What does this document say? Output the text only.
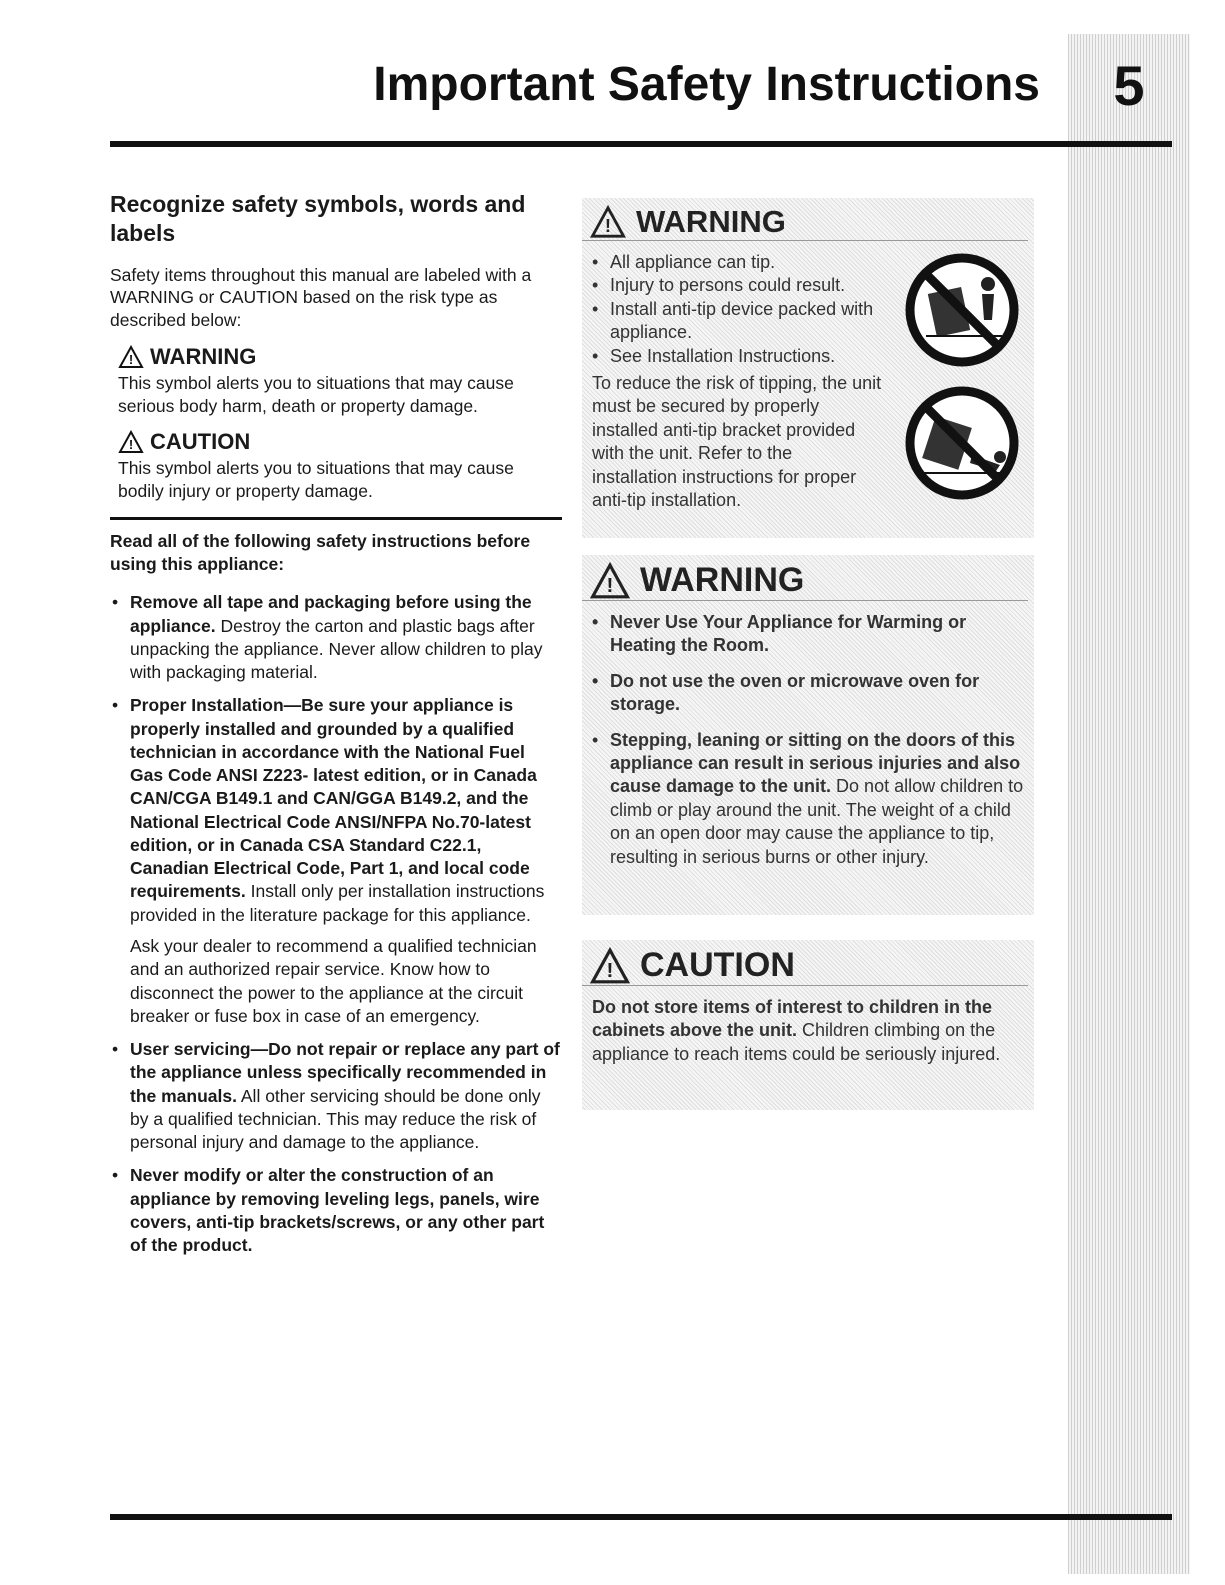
5
Important Safety Instructions
Recognize safety symbols, words and labels

Safety items throughout this manual are labeled with a WARNING or CAUTION based on the risk type as described below:

! WARNING

This symbol alerts you to situations that may cause serious body harm, death or property damage.

! CAUTION

This symbol alerts you to situations that may cause bodily injury or property damage.

Read all of the following safety instructions before using this appliance:

• Remove all tape and packaging before using the appliance. Destroy the carton and plastic bags after unpacking the appliance. Never allow children to play with packaging material.
• Proper Installation—Be sure your appliance is properly installed and grounded by a qualified technician in accordance with the National Fuel Gas Code ANSI Z223- latest edition, or in Canada CAN/CGA B149.1 and CAN/GGA B149.2, and the National Electrical Code ANSI/NFPA No.70-latest edition, or in Canada CSA Standard C22.1, Canadian Electrical Code, Part 1, and local code requirements. Install only per installation instructions provided in the literature package for this appliance.
Ask your dealer to recommend a qualified technician and an authorized repair service. Know how to disconnect the power to the appliance at the circuit breaker or fuse box in case of an emergency.
• User servicing—Do not repair or replace any part of the appliance unless specifically recommended in the manuals. All other servicing should be done only by a qualified technician. This may reduce the risk of personal injury and damage to the appliance.
• Never modify or alter the construction of an appliance by removing leveling legs, panels, wire covers, anti-tip brackets/screws, or any other part of the product.
! WARNING
• All appliance can tip.
• Injury to persons could result.
• Install anti-tip device packed with appliance.
• See Installation Instructions.

To reduce the risk of tipping, the unit must be secured by properly installed anti-tip bracket provided with the unit. Refer to the installation instructions for proper anti-tip installation.

! WARNING
• Never Use Your Appliance for Warming or Heating the Room.
• Do not use the oven or microwave oven for storage.
• Stepping, leaning or sitting on the doors of this appliance can result in serious injuries and also cause damage to the unit. Do not allow children to climb or play around the unit. The weight of a child on an open door may cause the appliance to tip, resulting in serious burns or other injury.
! CAUTION

Do not store items of interest to children in the cabinets above the unit. Children climbing on the appliance to reach items could be seriously injured.
